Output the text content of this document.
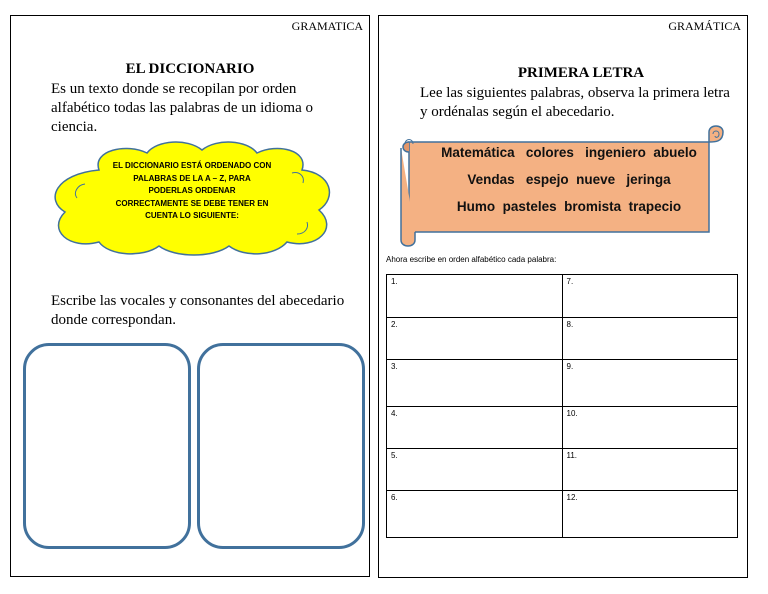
GRAMATICA
EL DICCIONARIO
Es un texto donde se recopilan por orden
alfabético todas las palabras de un idioma o
ciencia.
EL DICCIONARIO ESTÁ ORDENADO CON
PALABRAS DE LA A – Z, PARA
PODERLAS ORDENAR
CORRECTAMENTE SE DEBE TENER EN
CUENTA LO SIGUIENTE:
Escribe las vocales y consonantes del abecedario
donde correspondan.
GRAMÁTICA
PRIMERA LETRA
Lee las siguientes palabras, observa la primera letra
y ordénalas según el abecedario.
Matemática   colores   ingeniero  abuelo
Vendas   espejo  nueve   jeringa
Humo  pasteles  bromista  trapecio
Ahora escribe en orden alfabético cada palabra:
1.	7.
2.	8.
3.	9.
4.	10.
5.	11.
6.	12.
